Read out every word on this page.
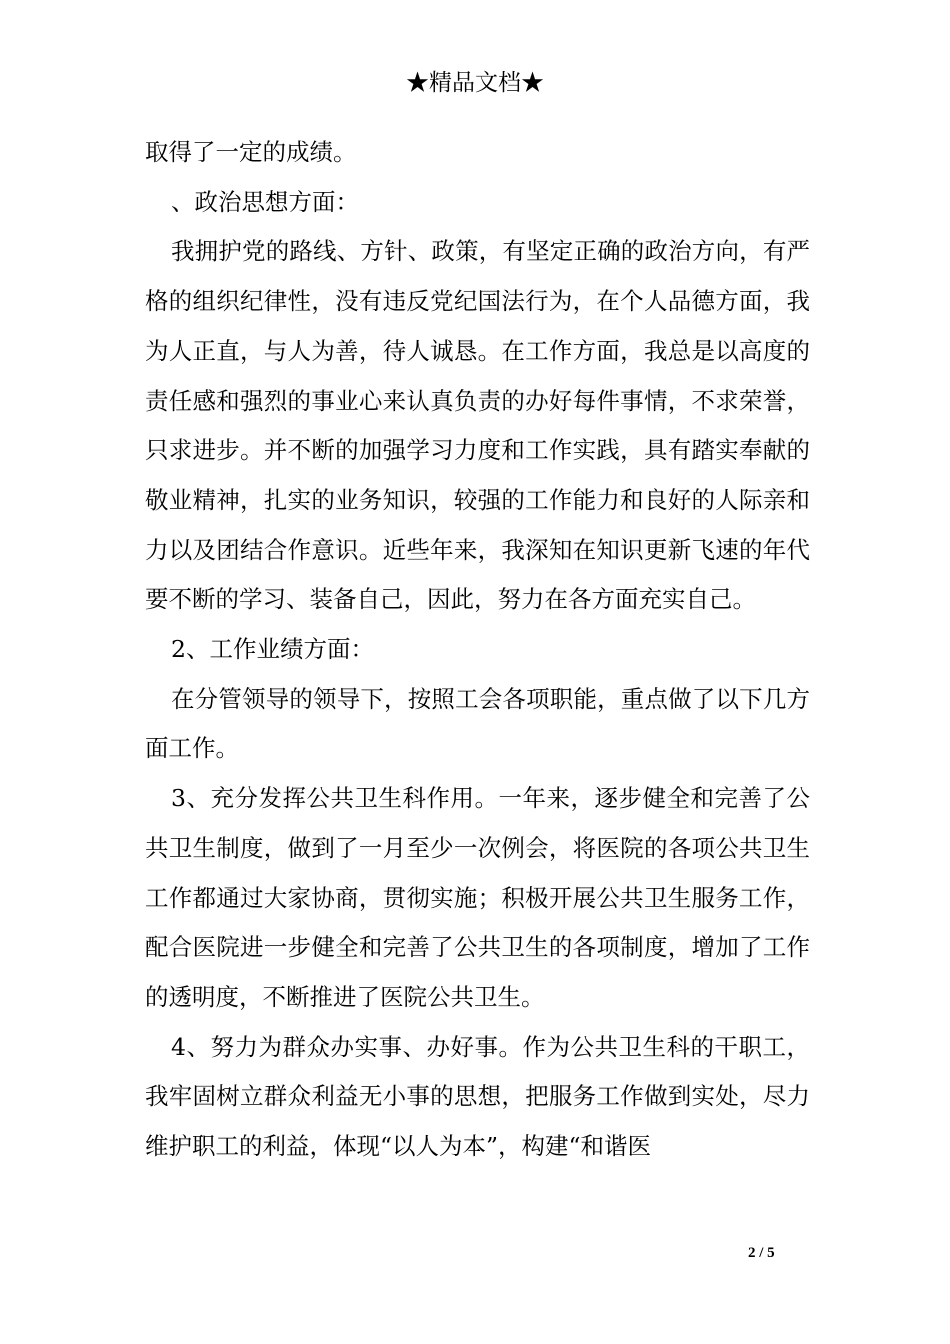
★精品文档★

取得了一定的成绩。

、政治思想方面：

我拥护党的路线、方针、政策，有坚定正确的政治方向，有严格的组织纪律性，没有违反党纪国法行为，在个人品德方面，我为人正直，与人为善，待人诚恳。在工作方面，我总是以高度的责任感和强烈的事业心来认真负责的办好每件事情，不求荣誉，只求进步。并不断的加强学习力度和工作实践，具有踏实奉献的敬业精神，扎实的业务知识，较强的工作能力和良好的人际亲和力以及团结合作意识。近些年来，我深知在知识更新飞速的年代要不断的学习、装备自己，因此，努力在各方面充实自己。

2、工作业绩方面：

在分管领导的领导下，按照工会各项职能，重点做了以下几方面工作。

3、充分发挥公共卫生科作用。一年来，逐步健全和完善了公共卫生制度，做到了一月至少一次例会，将医院的各项公共卫生工作都通过大家协商，贯彻实施；积极开展公共卫生服务工作，配合医院进一步健全和完善了公共卫生的各项制度，增加了工作的透明度，不断推进了医院公共卫生。

4、努力为群众办实事、办好事。作为公共卫生科的干职工，我牢固树立群众利益无小事的思想，把服务工作做到实处，尽力维护职工的利益，体现“以人为本”，构建“和谐医

2 / 5
